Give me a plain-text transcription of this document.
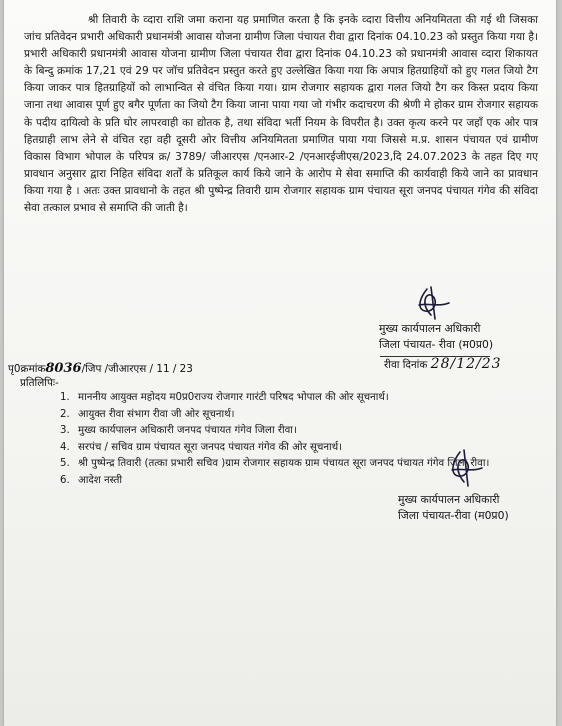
श्री तिवारी के व्दारा राशि जमा कराना यह प्रमाणित करता है कि इनके व्दारा वित्तीय अनियमितता की गई थी जिसका जांच प्रतिवेदन प्रभारी अधिकारी प्रधानमंत्री आवास योजना ग्रामीण जिला पंचायत रीवा द्वारा दिनांक 04.10.23 को प्रस्तुत किया गया है। प्रभारी अधिकारी प्रधानमंत्री आवास योजना ग्रामीण जिला पंचायत रीवा द्वारा दिनांक 04.10.23 को प्रधानमंत्री आवास व्दारा शिकायत के बिन्दु क्रमांक 17,21 एवं 29 पर जॉच प्रतिवेदन प्रस्तुत करते हुए उल्लेखित किया गया कि अपात्र हितग्राहियों को हुए गलत जियो टैग किया जाकर पात्र हितग्राहियों को लाभान्वित से वंचित किया गया। ग्राम रोजगार सहायक द्वारा गलत जियो टैग कर किस्त प्रदाय किया जाना तथा आवास पूर्ण हुए बगैर पूर्णता का जियो टैग किया जाना पाया गया जो गंभीर कदाचरण की श्रेणी मे होकर ग्राम रोजगार सहायक के पदीय दायित्वो के प्रति घोर लापरवाही का द्योतक है, तथा संविदा भर्ती नियम के विपरीत है। उक्त कृत्य करने पर जहाँ एक ओर पात्र हितग्राही लाभ लेने से वंचित रहा वही दूसरी ओर वित्तीय अनियमितता प्रमाणित पाया गया जिससे म.प्र. शासन पंचायत एवं ग्रामीण विकास विभाग भोपाल के परिपत्र क्र/ 3789/ जीआरएस /एनआर-2 /एनआरईजीएस/2023,दि 24.07.2023 के तहत दिए गए प्रावधान अनुसार द्वारा निहित संविदा शर्तों के प्रतिकूल कार्य किये जाने के आरोप मे सेवा समाप्ति की कार्यवाही किये जाने का प्रावधान किया गया है । अतः उक्त प्रावधानो के तहत श्री पुष्पेन्द्र तिवारी ग्राम रोजगार सहायक ग्राम पंचायत सूरा जनपद पंचायत गंगेव की संविदा सेवा तत्काल प्रभाव से समाप्ति की जाती है।

मुख्य कार्यपालन अधिकारी
जिला पंचायत- रीवा (म0प्र0)
रीवा दिनांक 28/12/23
पृ0क्रमांक8036/जिप /जीआरएस / 11 / 23
प्रतिलिपिः-
1. माननीय आयुक्त महोदय म0प्र0राज्य रोजगार गारंटी परिषद भोपाल की ओर सूचनार्थ।
2. आयुक्त रीवा संभाग रीवा जी ओर सूचनार्थ।
3. मुख्य कार्यपालन अधिकारी जनपद पंचायत गंगेव जिला रीवा।
4. सरपंच / सचिव ग्राम पंचायत सूरा जनपद पंचायत गंगेव की ओर सूचनार्थ।
5. श्री पुष्पेन्द्र तिवारी (तत्का प्रभारी सचिव )ग्राम रोजगार सहायक ग्राम पंचायत सूरा जनपद पंचायत गंगेव जिला रीवा।
6. आदेश नस्ती
मुख्य कार्यपालन अधिकारी
जिला पंचायत-रीवा (म0प्र0)
